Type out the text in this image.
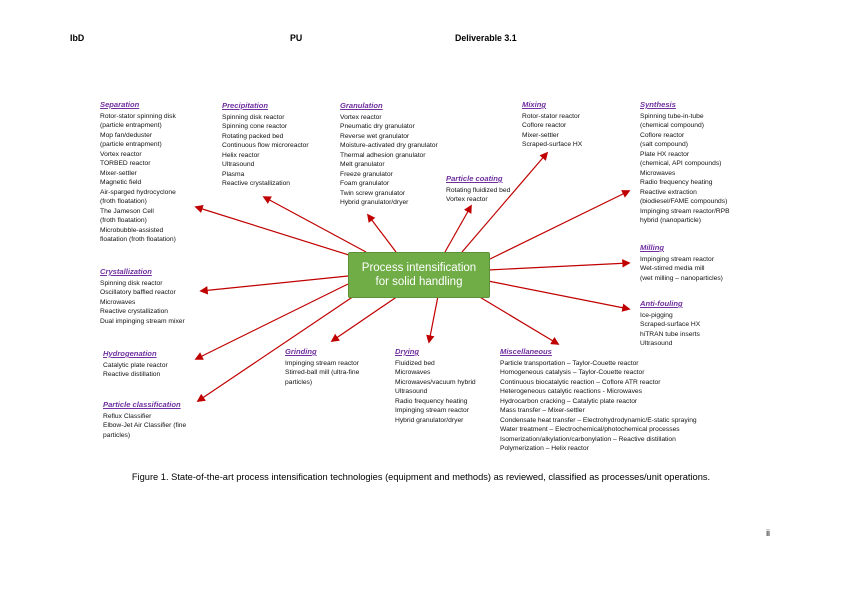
IbD	PU	Deliverable 3.1
Process intensification
for solid handling
Separation
Rotor-stator spinning disk
(particle entrapment)
Mop fan/deduster
(particle entrapment)
Vortex reactor
TORBED reactor
Mixer-settler
Magnetic field
Air-sparged hydrocyclone
(froth floatation)
The Jameson Cell
(froth floatation)
Microbubble-assisted
floatation (froth floatation)
Precipitation
Spinning disk reactor
Spinning cone reactor
Rotating packed bed
Continuous flow microreactor
Helix reactor
Ultrasound
Plasma
Reactive crystallization
Granulation
Vortex reactor
Pneumatic dry granulator
Reverse wet granulator
Moisture-activated dry granulator
Thermal adhesion granulator
Melt granulator
Freeze granulator
Foam granulator
Twin screw granulator
Hybrid granulator/dryer
Mixing
Rotor-stator reactor
Coflore reactor
Mixer-settler
Scraped-surface HX
Synthesis
Spinning tube-in-tube
(chemical compound)
Coflore reactor
(salt compound)
Plate HX reactor
(chemical, API compounds)
Microwaves
Radio frequency heating
Reactive extraction
(biodiesel/FAME compounds)
Impinging stream reactor/RPB
hybrid (nanoparticle)
Particle coating
Rotating fluidized bed
Vortex reactor
Milling
Impinging stream reactor
Wet-stirred media mill
(wet milling – nanoparticles)
Anti-fouling
Ice-pigging
Scraped-surface HX
hiTRAN tube inserts
Ultrasound
Crystallization
Spinning disk reactor
Oscillatory baffled reactor
Microwaves
Reactive crystallization
Dual impinging stream mixer
Hydrogenation
Catalytic plate reactor
Reactive distillation
Particle classification
Reflux Classifier
Elbow-Jet Air Classifier (fine
particles)
Grinding
Impinging stream reactor
Stirred-ball mill (ultra-fine
particles)
Drying
Fluidized bed
Microwaves
Microwaves/vacuum hybrid
Ultrasound
Radio frequency heating
Impinging stream reactor
Hybrid granulator/dryer
Miscellaneous
Particle transportation – Taylor-Couette reactor
Homogeneous catalysis – Taylor-Couette reactor
Continuous biocatalytic reaction – Coflore ATR reactor
Heterogeneous catalytic reactions - Microwaves
Hydrocarbon cracking – Catalytic plate reactor
Mass transfer – Mixer-settler
Condensate heat transfer – Electrohydrodynamic/E-static spraying
Water treatment – Electrochemical/photochemical processes
Isomerization/alkylation/carbonylation – Reactive distillation
Polymerization – Helix reactor
Figure 1. State-of-the-art process intensification technologies (equipment and methods) as reviewed, classified as processes/unit operations.
ii
